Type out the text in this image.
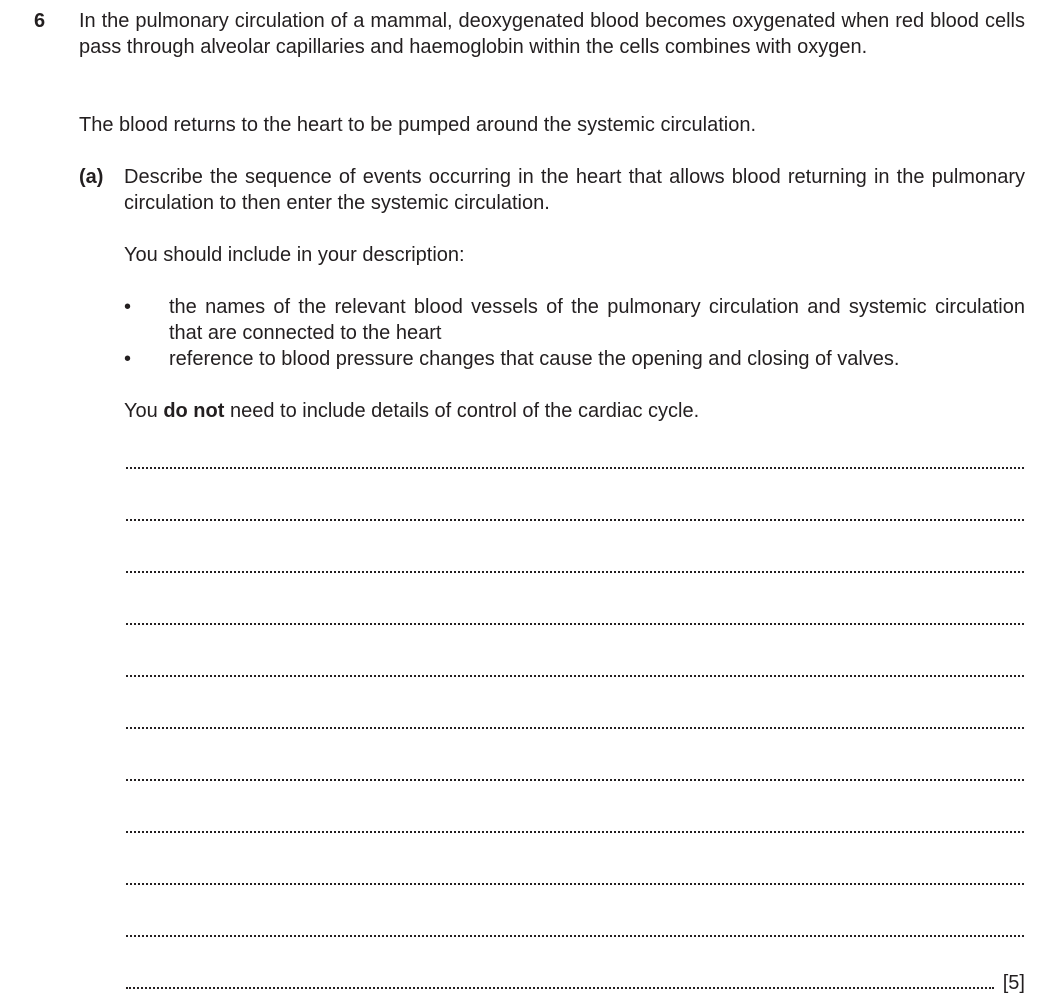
6 In the pulmonary circulation of a mammal, deoxygenated blood becomes oxygenated when red blood cells pass through alveolar capillaries and haemoglobin within the cells combines with oxygen.

The blood returns to the heart to be pumped around the systemic circulation.

(a) Describe the sequence of events occurring in the heart that allows blood returning in the pulmonary circulation to then enter the systemic circulation.

You should include in your description:

• the names of the relevant blood vessels of the pulmonary circulation and systemic circulation that are connected to the heart
• reference to blood pressure changes that cause the opening and closing of valves.

You do not need to include details of control of the cardiac cycle.

[5]
